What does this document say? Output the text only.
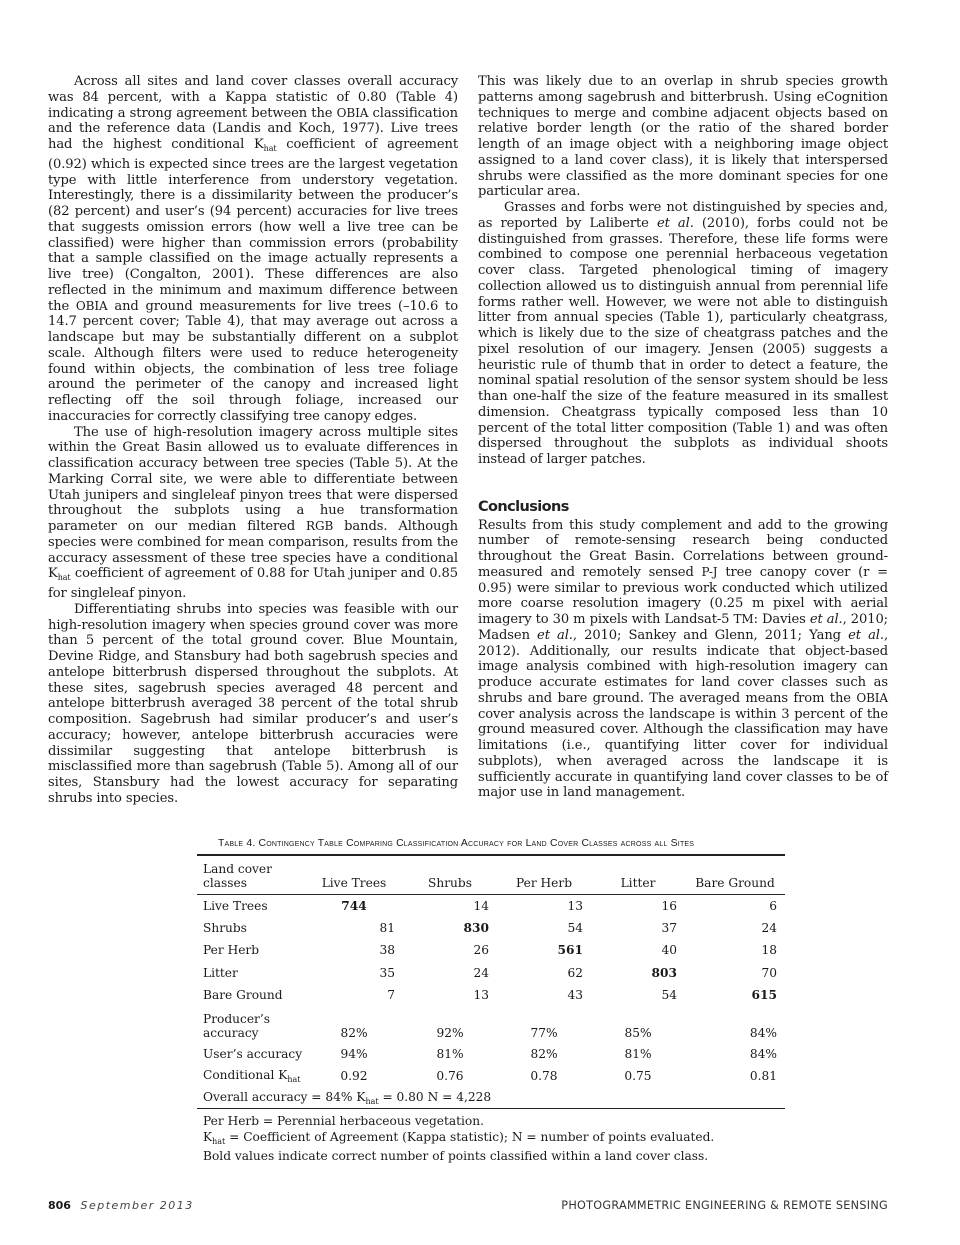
Across all sites and land cover classes overall accuracy was 84 percent, with a Kappa statistic of 0.80 (Table 4) indicating a strong agreement between the OBIA classification and the reference data (Landis and Koch, 1977). Live trees had the highest conditional $K_{hat}$ coefficient of agreement (0.92) which is expected since trees are the largest vegetation type with little interference from understory vegetation. Interestingly, there is a dissimilarity between the producer’s (82 percent) and user’s (94 percent) accuracies for live trees that suggests omission errors (how well a live tree can be classified) were higher than commission errors (probability that a sample classified on the image actually represents a live tree) (Congalton, 2001). These differences are also reflected in the minimum and maximum difference between the OBIA and ground measurements for live trees (–10.6 to 14.7 percent cover; Table 4), that may average out across a landscape but may be substantially different on a subplot scale. Although filters were used to reduce heterogeneity found within objects, the combination of less tree foliage around the perimeter of the canopy and increased light reflecting off the soil through foliage, increased our inaccuracies for correctly classifying tree canopy edges.

The use of high-resolution imagery across multiple sites within the Great Basin allowed us to evaluate differences in classification accuracy between tree species (Table 5). At the Marking Corral site, we were able to differentiate between Utah junipers and singleleaf pinyon trees that were dispersed throughout the subplots using a hue transformation parameter on our median filtered RGB bands. Although species were combined for mean comparison, results from the accuracy assessment of these tree species have a conditional $K_{hat}$ coefficient of agreement of 0.88 for Utah juniper and 0.85 for singleleaf pinyon.

Differentiating shrubs into species was feasible with our high-resolution imagery when species ground cover was more than 5 percent of the total ground cover. Blue Mountain, Devine Ridge, and Stansbury had both sagebrush species and antelope bitterbrush dispersed throughout the subplots. At these sites, sagebrush species averaged 48 percent and antelope bitterbrush averaged 38 percent of the total shrub composition. Sagebrush had similar producer’s and user’s accuracy; however, antelope bitterbrush accuracies were dissimilar suggesting that antelope bitterbrush is misclassified more than sagebrush (Table 5). Among all of our sites, Stansbury had the lowest accuracy for separating shrubs into species.

This was likely due to an overlap in shrub species growth patterns among sagebrush and bitterbrush. Using eCognition techniques to merge and combine adjacent objects based on relative border length (or the ratio of the shared border length of an image object with a neighboring image object assigned to a land cover class), it is likely that interspersed shrubs were classified as the more dominant species for one particular area.

Grasses and forbs were not distinguished by species and, as reported by Laliberte et al. (2010), forbs could not be distinguished from grasses. Therefore, these life forms were combined to compose one perennial herbaceous vegetation cover class. Targeted phenological timing of imagery collection allowed us to distinguish annual from perennial life forms rather well. However, we were not able to distinguish litter from annual species (Table 1), particularly cheatgrass, which is likely due to the size of cheatgrass patches and the pixel resolution of our imagery. Jensen (2005) suggests a heuristic rule of thumb that in order to detect a feature, the nominal spatial resolution of the sensor system should be less than one-half the size of the feature measured in its smallest dimension. Cheatgrass typically composed less than 10 percent of the total litter composition (Table 1) and was often dispersed throughout the subplots as individual shoots instead of larger patches.

Conclusions

Results from this study complement and add to the growing number of remote-sensing research being conducted throughout the Great Basin. Correlations between ground-measured and remotely sensed P-J tree canopy cover (r = 0.95) were similar to previous work conducted which utilized more coarse resolution imagery (0.25 m pixel with aerial imagery to 30 m pixels with Landsat-5 TM: Davies et al., 2010; Madsen et al., 2010; Sankey and Glenn, 2011; Yang et al., 2012). Additionally, our results indicate that object-based image analysis combined with high-resolution imagery can produce accurate estimates for land cover classes such as shrubs and bare ground. The averaged means from the OBIA cover analysis across the landscape is within 3 percent of the ground measured cover. Although the classification may have limitations (i.e., quantifying litter cover for individual subplots), when averaged across the landscape it is sufficiently accurate in quantifying land cover classes to be of major use in land management.

Table 4. Contingency Table Comparing Classification Accuracy for Land Cover Classes across all Sites
Land cover classes	Live Trees	Shrubs	Per Herb	Litter	Bare Ground
Live Trees	744	14	13	16	6
Shrubs	81	830	54	37	24
Per Herb	38	26	561	40	18
Litter	35	24	62	803	70
Bare Ground	7	13	43	54	615
Producer’s accuracy	82%	92%	77%	85%	84%
User’s accuracy	94%	81%	82%	81%	84%
Conditional $K_{hat}$	0.92	0.76	0.78	0.75	0.81
Overall accuracy = 84% $K_{hat} = 0.80$ N = 4,228					
Per Herb = Perennial herbaceous vegetation.
$K_{hat}$ = Coefficient of Agreement (Kappa statistic); N = number of points evaluated.
Bold values indicate correct number of points classified within a land cover class.
806 September 2013	PHOTOGRAMMETRIC ENGINEERING & REMOTE SENSING
